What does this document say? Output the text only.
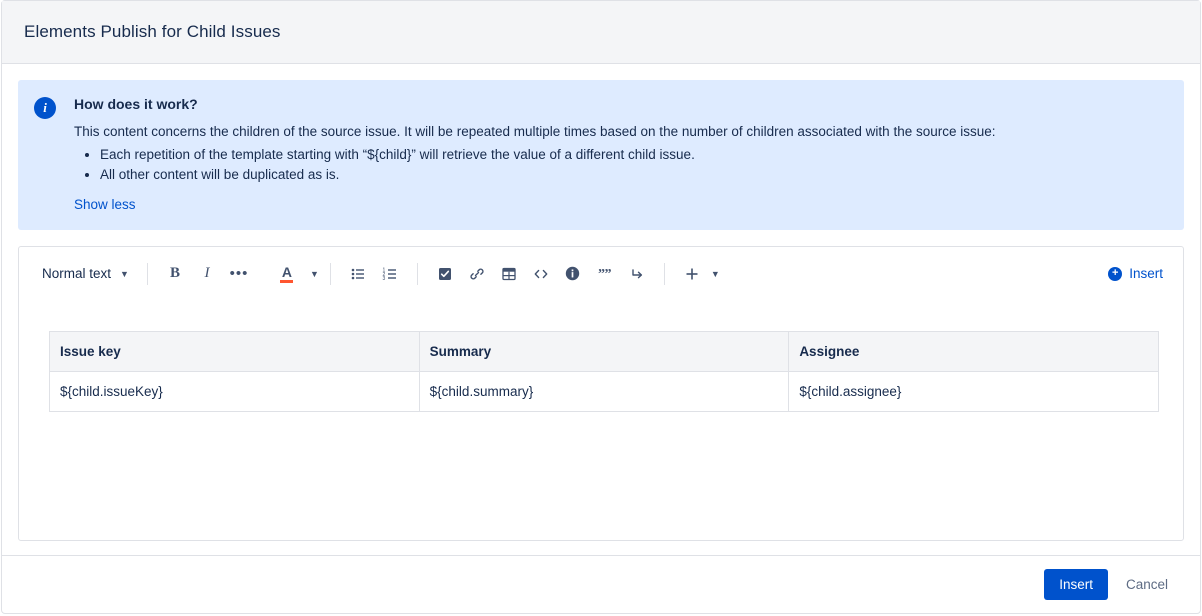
Elements Publish for Child Issues
i	How does it work?
This content concerns the children of the source issue. It will be repeated multiple times based on the number of children associated with the source issue:
• Each repetition of the template starting with “${child}” will retrieve the value of a different child issue.
• All other content will be duplicated as is.
Show less
Normal text ▼	B	I	•••	A ▼	1
2
3	” ”	▼	+ Insert
Issue key	Summary	Assignee
${child.issueKey}	${child.summary}	${child.assignee}
Insert	Cancel
